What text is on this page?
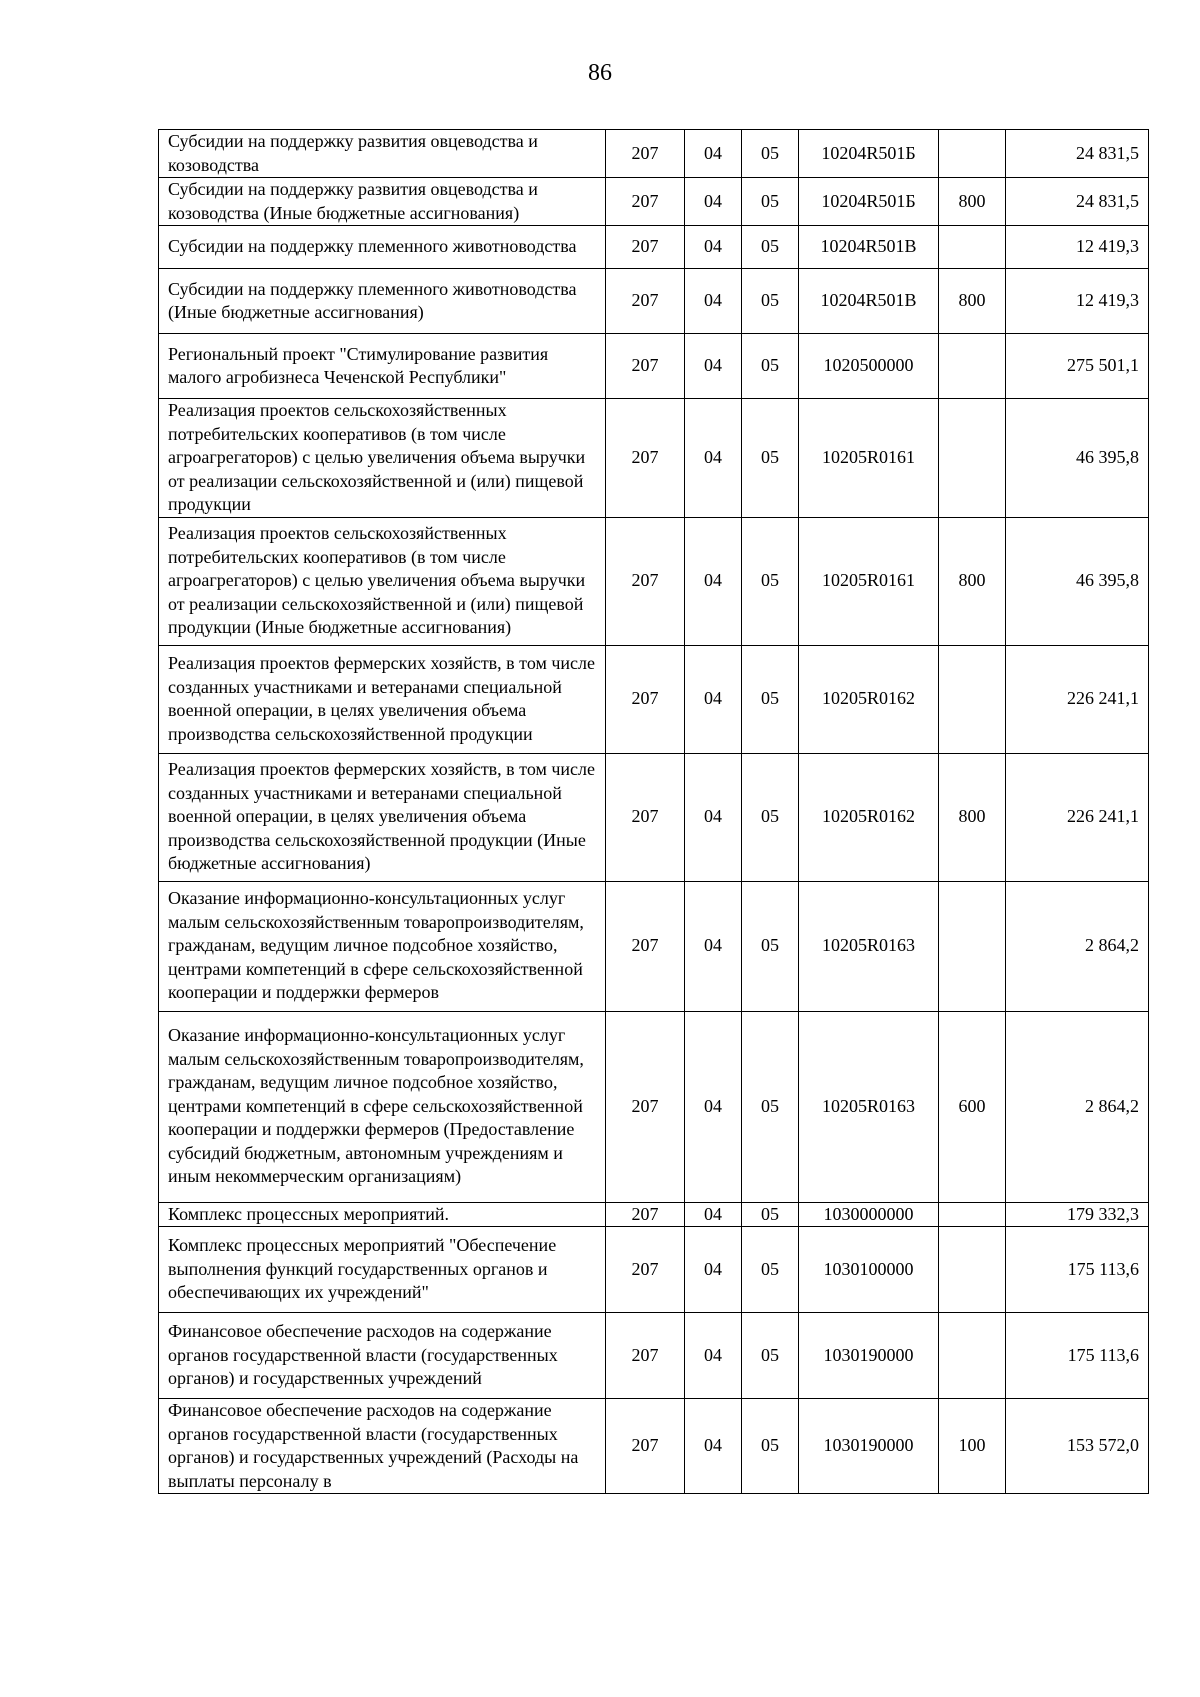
86
Субсидии на поддержку развития овцеводства и козоводства	207	04	05	10204R501Б		24 831,5
Субсидии на поддержку развития овцеводства и козоводства (Иные бюджетные ассигнования)	207	04	05	10204R501Б	800	24 831,5
Субсидии на поддержку племенного животноводства	207	04	05	10204R501В		12 419,3
Субсидии на поддержку племенного животноводства (Иные бюджетные ассигнования)	207	04	05	10204R501В	800	12 419,3
Региональный проект "Стимулирование развития малого агробизнеса Чеченской Республики"	207	04	05	1020500000		275 501,1
Реализация проектов сельскохозяйственных потребительских кооперативов (в том числе агроагрегаторов) с целью увеличения объема выручки от реализации сельскохозяйственной и (или) пищевой продукции	207	04	05	10205R0161		46 395,8
Реализация проектов сельскохозяйственных потребительских кооперативов (в том числе агроагрегаторов) с целью увеличения объема выручки от реализации сельскохозяйственной и (или) пищевой продукции (Иные бюджетные ассигнования)	207	04	05	10205R0161	800	46 395,8
Реализация проектов фермерских хозяйств, в том числе созданных участниками и ветеранами специальной военной операции, в целях увеличения объема производства сельскохозяйственной продукции	207	04	05	10205R0162		226 241,1
Реализация проектов фермерских хозяйств, в том числе созданных участниками и ветеранами специальной военной операции, в целях увеличения объема производства сельскохозяйственной продукции (Иные бюджетные ассигнования)	207	04	05	10205R0162	800	226 241,1
Оказание информационно-консультационных услуг малым сельскохозяйственным товаропроизводителям, гражданам, ведущим личное подсобное хозяйство, центрами компетенций в сфере сельскохозяйственной кооперации и поддержки фермеров	207	04	05	10205R0163		2 864,2
Оказание информационно-консультационных услуг малым сельскохозяйственным товаропроизводителям, гражданам, ведущим личное подсобное хозяйство, центрами компетенций в сфере сельскохозяйственной кооперации и поддержки фермеров (Предоставление субсидий бюджетным, автономным учреждениям и иным некоммерческим организациям)	207	04	05	10205R0163	600	2 864,2
Комплекс процессных мероприятий.	207	04	05	1030000000		179 332,3
Комплекс процессных мероприятий "Обеспечение выполнения функций государственных органов и обеспечивающих их учреждений"	207	04	05	1030100000		175 113,6
Финансовое обеспечение расходов на содержание органов государственной власти (государственных органов) и государственных учреждений	207	04	05	1030190000		175 113,6
Финансовое обеспечение расходов на содержание органов государственной власти (государственных органов) и государственных учреждений (Расходы на выплаты персоналу в	207	04	05	1030190000	100	153 572,0
